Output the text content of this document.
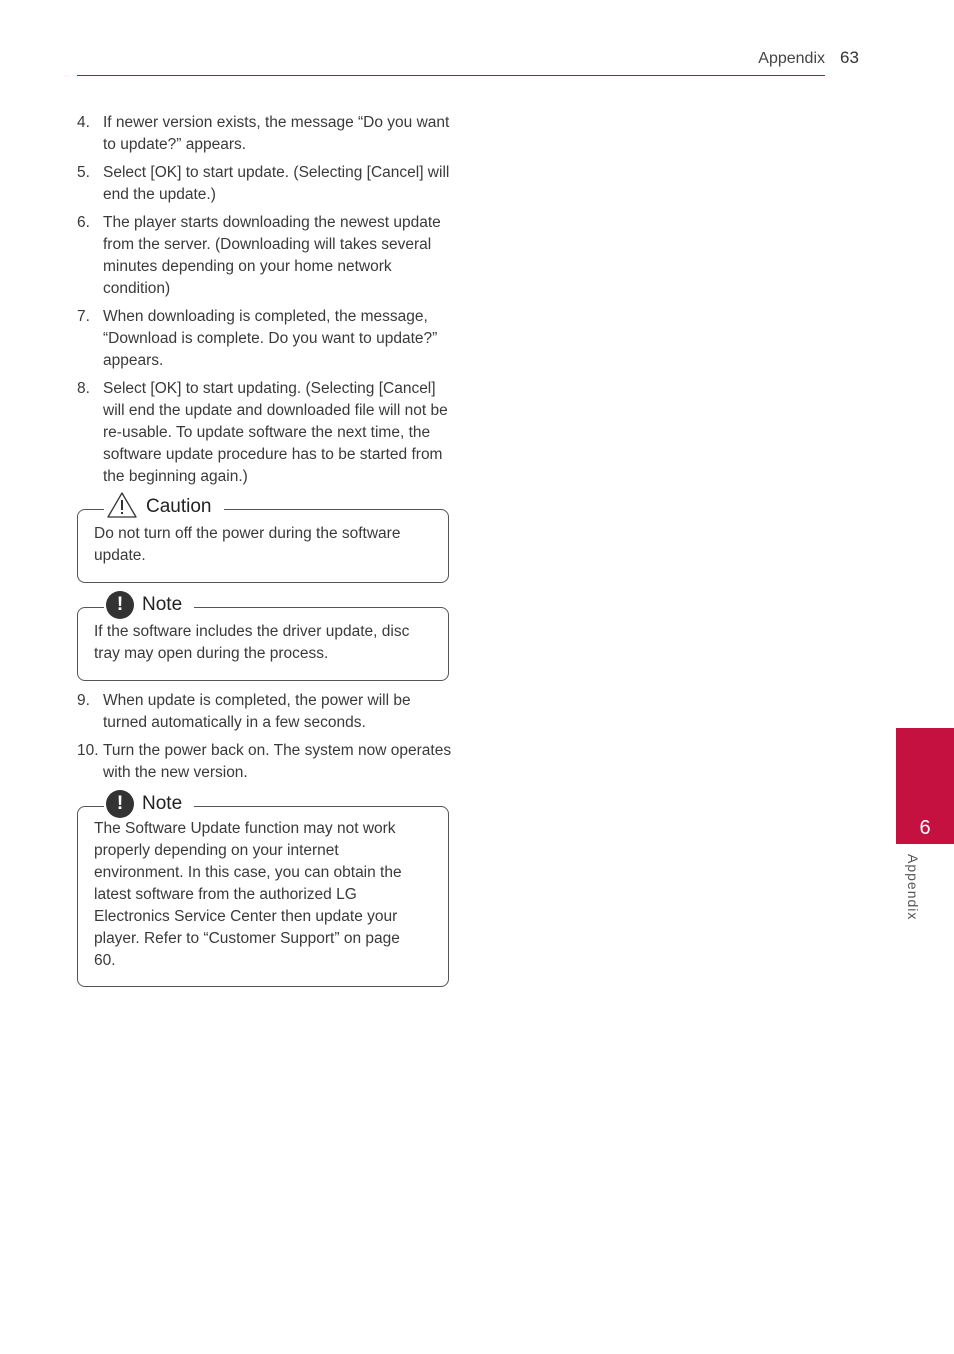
Appendix 63
4. If newer version exists, the message “Do you want to update?” appears.
5. Select [OK] to start update. (Selecting [Cancel] will end the update.)
6. The player starts downloading the newest update from the server. (Downloading will takes several minutes depending on your home network condition)
7. When downloading is completed, the message, “Download is complete. Do you want to update?” appears.
8. Select [OK] to start updating. (Selecting [Cancel] will end the update and downloaded file will not be re-usable. To update software the next time, the software update procedure has to be started from the beginning again.)
Caution
Do not turn off the power during the software update.
! Note
If the software includes the driver update, disc tray may open during the process.
9. When update is completed, the power will be turned automatically in a few seconds.
10. Turn the power back on. The system now operates with the new version.
! Note
The Software Update function may not work properly depending on your internet environment. In this case, you can obtain the latest software from the authorized LG Electronics Service Center then update your player. Refer to “Customer Support” on page 60.
6
Appendix
